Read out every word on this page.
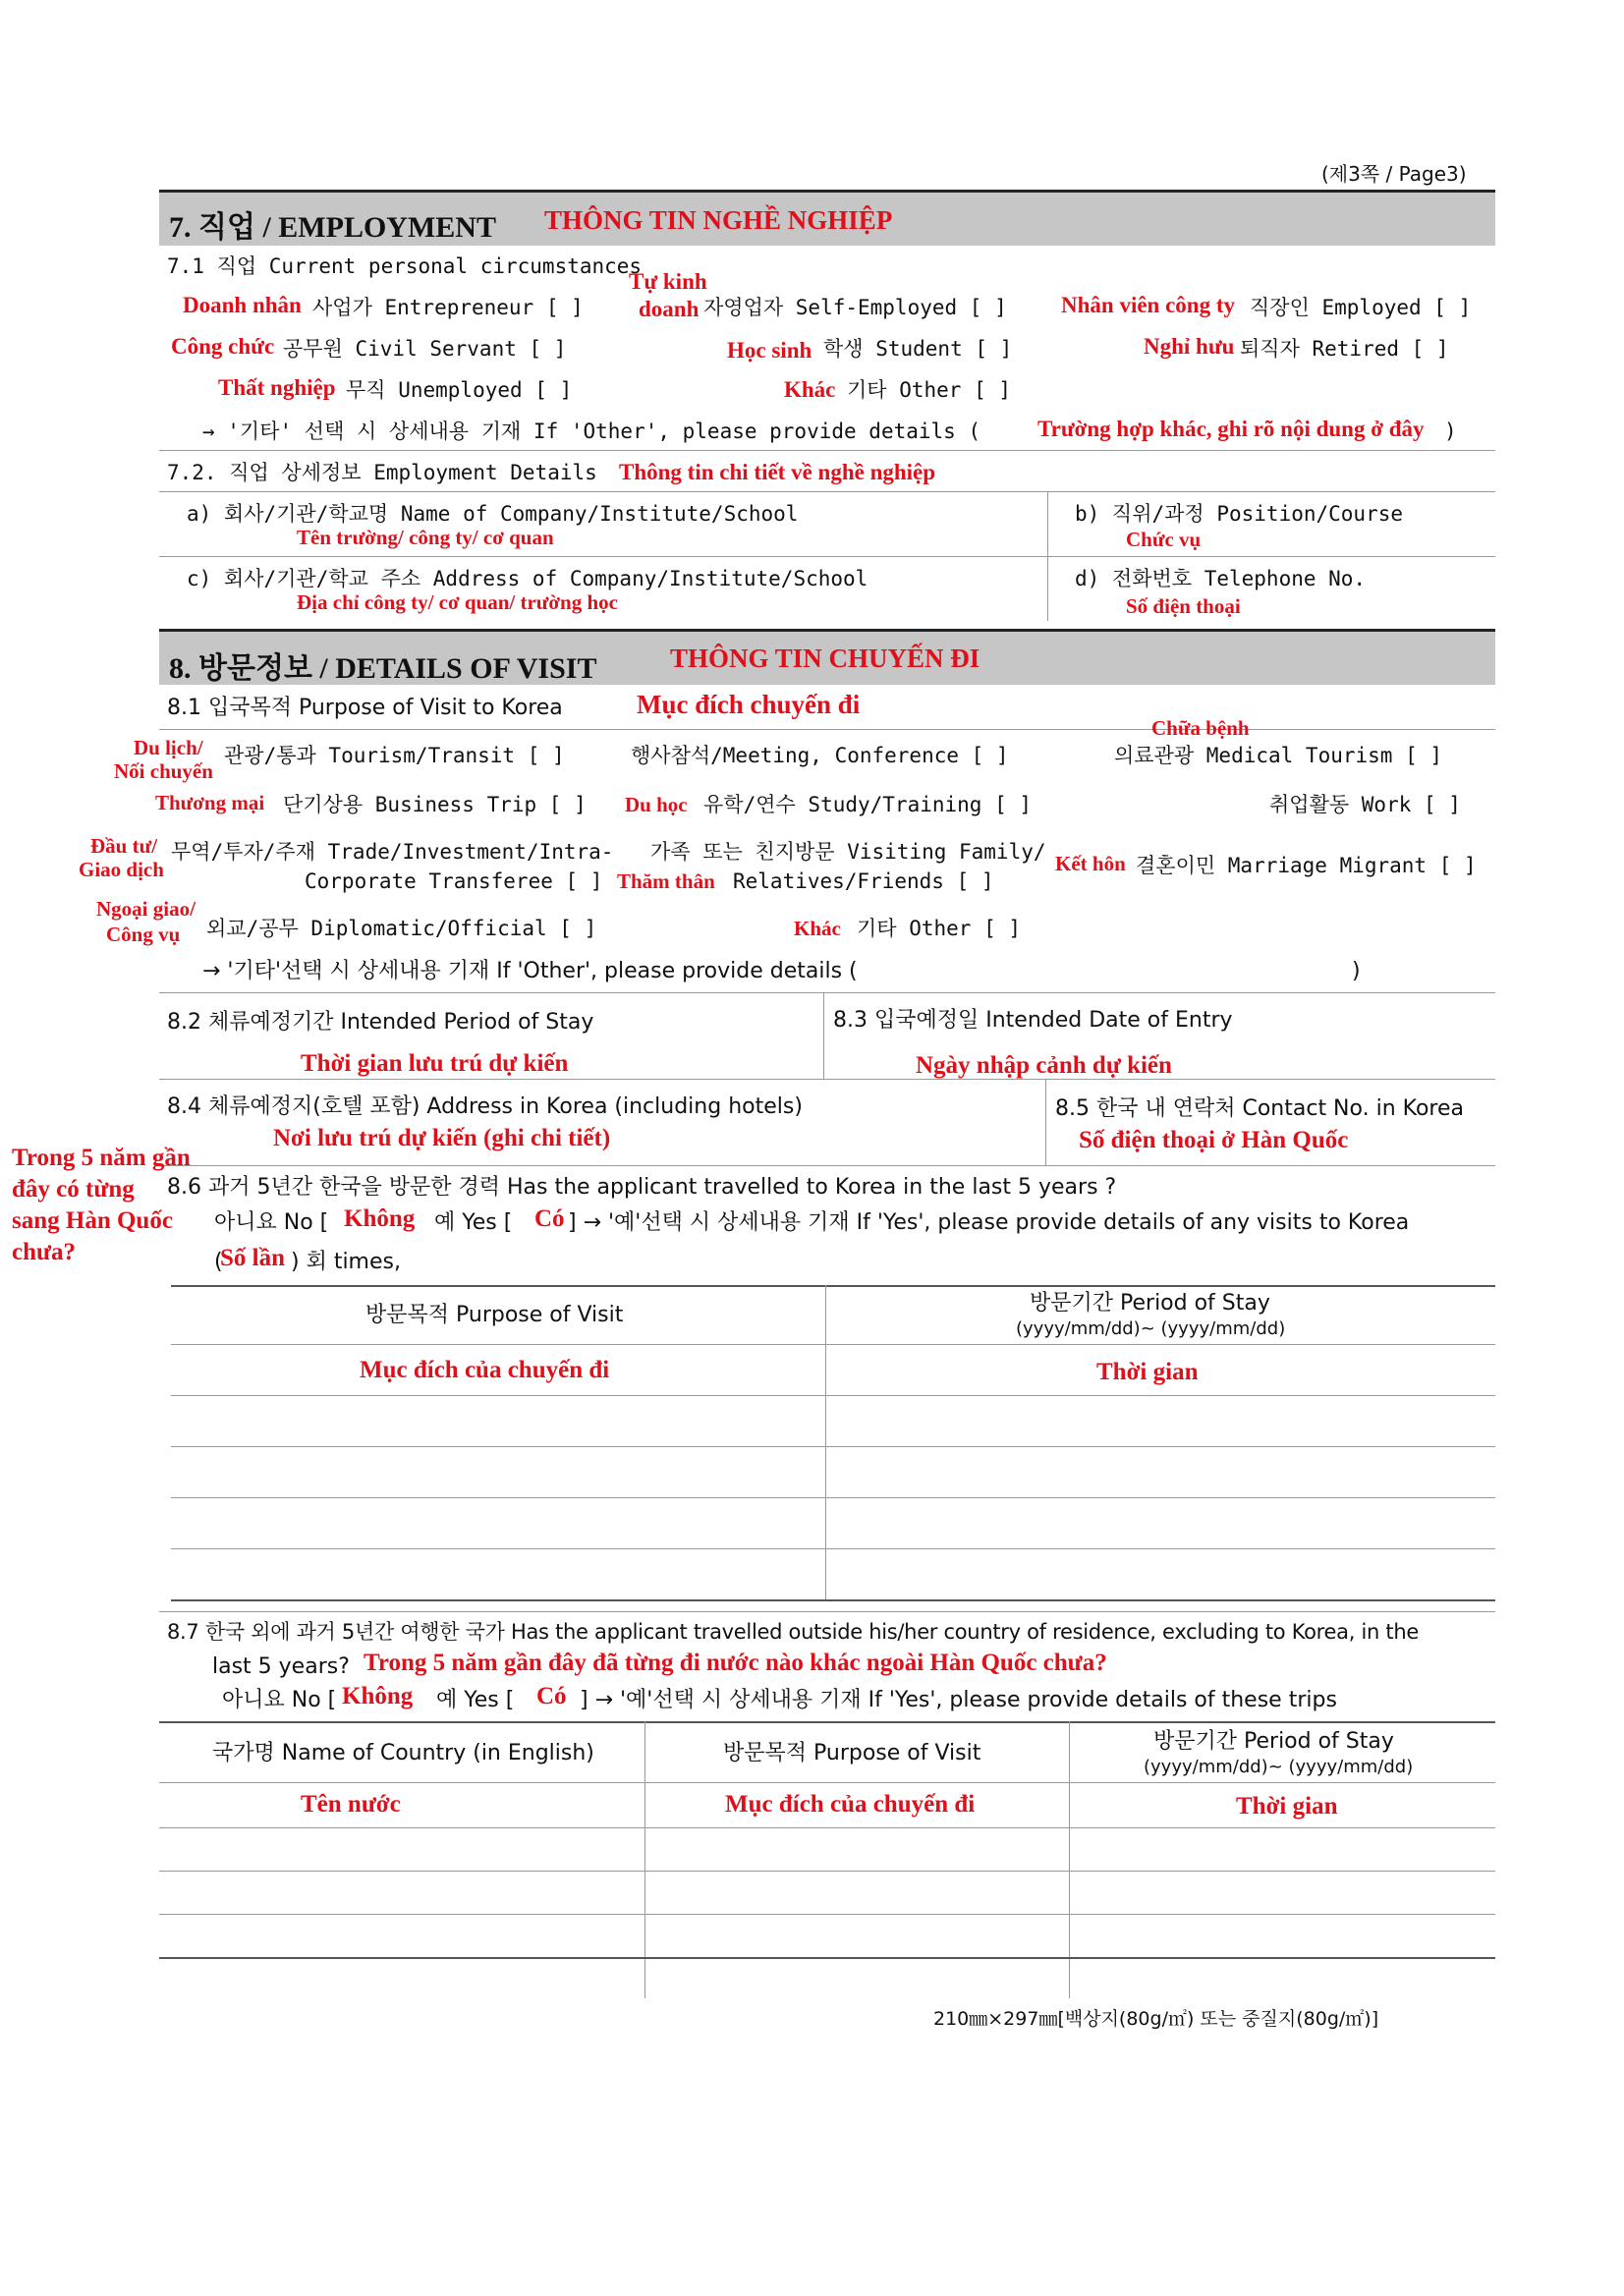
(제3쪽 / Page3)
7. 직업 / EMPLOYMENT THÔNG TIN NGHỀ NGHIỆP
7.1 직업 Current personal circumstances
Tự kinh
Doanh nhân 사업가 Entrepreneur [ ] doanh 자영업자 Self-Employed [ ] Nhân viên công ty 직장인 Employed [ ]
Công chức 공무원 Civil Servant [ ]	Học sinh 학생 Student [ ]	Nghỉ hưu 퇴직자 Retired [ ]
Thất nghiệp 무직 Unemployed [ ]	Khác 기타 Other [ ]
→ '기타' 선택 시 상세내용 기재 If 'Other', please provide details (	Trường hợp khác, ghi rõ nội dung ở đây )
7.2. 직업 상세정보 Employment Details Thông tin chi tiết về nghề nghiệp
a) 회사/기관/학교명 Name of Company/Institute/School
Tên trường/ công ty/ cơ quan
b) 직위/과정 Position/Course
Chức vụ
c) 회사/기관/학교 주소 Address of Company/Institute/School
Địa chỉ công ty/ cơ quan/ trường học
d) 전화번호 Telephone No.
Số điện thoại
8. 방문정보 / DETAILS OF VISIT	THÔNG TIN CHUYẾN ĐI
8.1 입국목적 Purpose of Visit to Korea	Mục đích chuyến đi
Chữa bệnh
Du lịch/
Nối chuyến
관광/통과 Tourism/Transit [ ]	행사참석/Meeting, Conference [ ]	의료관광 Medical Tourism [ ]
Thương mại 단기상용 Business Trip [ ] Du học 유학/연수 Study/Training [ ]	취업활동 Work [ ]
Đầu tư/
Giao dịch
무역/투자/주재 Trade/Investment/Intra-
Corporate Transferee [ ]
가족 또는 친지방문 Visiting Family/
Thăm thân Relatives/Friends [ ]
Kết hôn 결혼이민 Marriage Migrant [ ]
Ngoại giao/
Công vụ 외교/공무 Diplomatic/Official [ ]	Khác 기타 Other [ ]
→ '기타'선택 시 상세내용 기재 If 'Other', please provide details (	)
8.2 체류예정기간 Intended Period of Stay
Thời gian lưu trú dự kiến
8.3 입국예정일 Intended Date of Entry
Ngày nhập cảnh dự kiến
8.4 체류예정지(호텔 포함) Address in Korea (including hotels)
Nơi lưu trú dự kiến (ghi chi tiết)
8.5 한국 내 연락처 Contact No. in Korea
Số điện thoại ở Hàn Quốc
Trong 5 năm gần
đây có từng
sang Hàn Quốc
chưa?
8.6 과거 5년간 한국을 방문한 경력 Has the applicant travelled to Korea in the last 5 years ?
아니요 No [ Không 예 Yes [ Có ] → '예'선택 시 상세내용 기재 If 'Yes', please provide details of any visits to Korea
(
Số lần ) 회 times,
방문목적 Purpose of Visit	방문기간 Period of Stay
(yyyy/mm/dd)~ (yyyy/mm/dd)
Mục đích của chuyến đi	Thời gian
8.7 한국 외에 과거 5년간 여행한 국가 Has the applicant travelled outside his/her country of residence, excluding to Korea, in the
last 5 years? Trong 5 năm gần đây đã từng đi nước nào khác ngoài Hàn Quốc chưa?
아니요 No [ Không 예 Yes [ Có ] → '예'선택 시 상세내용 기재 If 'Yes', please provide details of these trips
국가명 Name of Country (in English)	방문목적 Purpose of Visit	방문기간 Period of Stay
(yyyy/mm/dd)~ (yyyy/mm/dd)
Tên nước	Mục đích của chuyến đi	Thời gian
210㎜×297㎜[백상지(80g/㎡) 또는 중질지(80g/㎡)]
